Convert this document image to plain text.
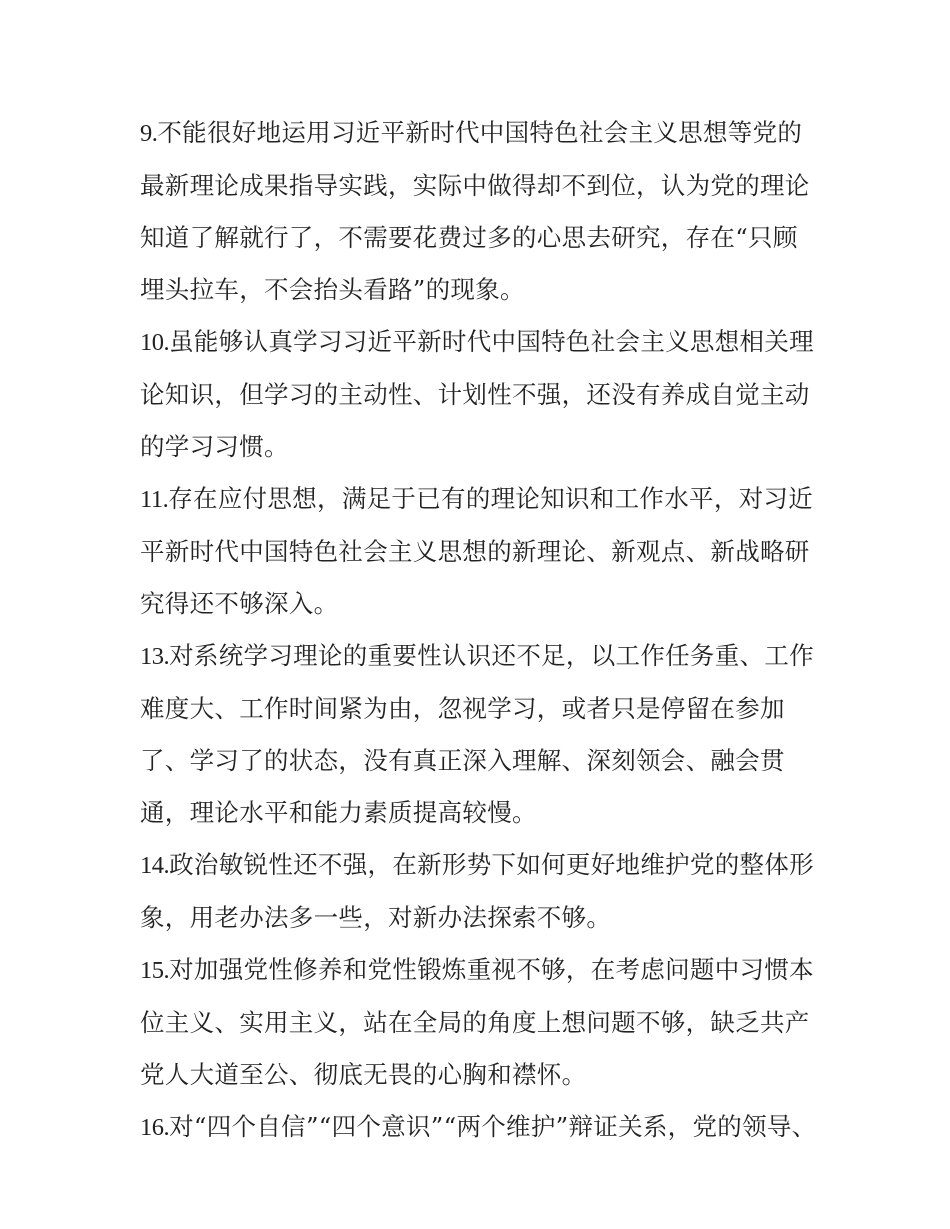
9.不能很好地运用习近平新时代中国特色社会主义思想等党的最新理论成果指导实践，实际中做得却不到位，认为党的理论知道了解就行了，不需要花费过多的心思去研究，存在“只顾埋头拉车，不会抬头看路”的现象。

10.虽能够认真学习习近平新时代中国特色社会主义思想相关理论知识，但学习的主动性、计划性不强，还没有养成自觉主动的学习习惯。

11.存在应付思想，满足于已有的理论知识和工作水平，对习近平新时代中国特色社会主义思想的新理论、新观点、新战略研究得还不够深入。

13.对系统学习理论的重要性认识还不足，以工作任务重、工作难度大、工作时间紧为由，忽视学习，或者只是停留在参加了、学习了的状态，没有真正深入理解、深刻领会、融会贯通，理论水平和能力素质提高较慢。

14.政治敏锐性还不强，在新形势下如何更好地维护党的整体形象，用老办法多一些，对新办法探索不够。

15.对加强党性修养和党性锻炼重视不够，在考虑问题中习惯本位主义、实用主义，站在全局的角度上想问题不够，缺乏共产党人大道至公、彻底无畏的心胸和襟怀。

16.对“四个自信”“四个意识”“两个维护”辩证关系，党的领导、
